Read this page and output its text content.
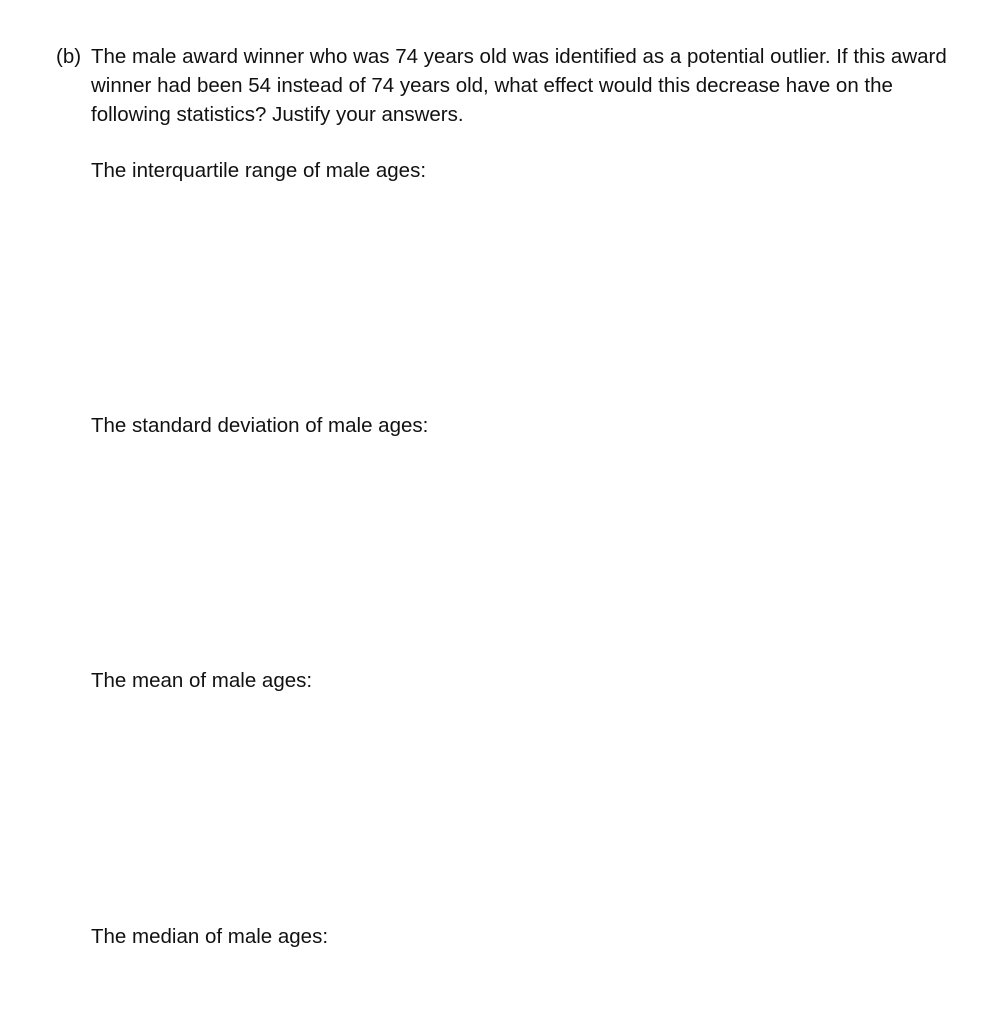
(b) The male award winner who was 74 years old was identified as a potential outlier. If this award winner had been 54 instead of 74 years old, what effect would this decrease have on the following statistics? Justify your answers.
The interquartile range of male ages:
The standard deviation of male ages:
The mean of male ages:
The median of male ages:
